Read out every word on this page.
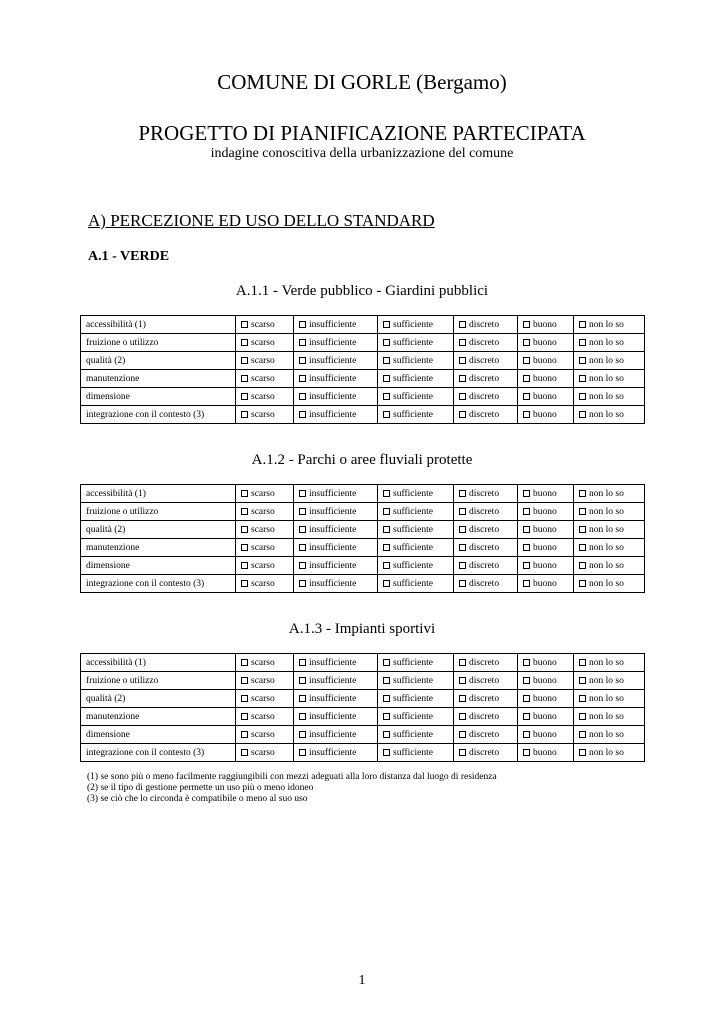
COMUNE DI GORLE (Bergamo)
PROGETTO DI PIANIFICAZIONE PARTECIPATA
indagine conoscitiva della urbanizzazione del comune
A) PERCEZIONE ED USO DELLO STANDARD
A.1 - VERDE
A.1.1 - Verde pubblico - Giardini pubblici
accessibilità (1)	scarso	insufficiente	sufficiente	discreto	buono	non lo so
fruizione o utilizzo	scarso	insufficiente	sufficiente	discreto	buono	non lo so
qualità (2)	scarso	insufficiente	sufficiente	discreto	buono	non lo so
manutenzione	scarso	insufficiente	sufficiente	discreto	buono	non lo so
dimensione	scarso	insufficiente	sufficiente	discreto	buono	non lo so
integrazione con il contesto (3)	scarso	insufficiente	sufficiente	discreto	buono	non lo so
A.1.2 - Parchi o aree fluviali protette
accessibilità (1)	scarso	insufficiente	sufficiente	discreto	buono	non lo so
fruizione o utilizzo	scarso	insufficiente	sufficiente	discreto	buono	non lo so
qualità (2)	scarso	insufficiente	sufficiente	discreto	buono	non lo so
manutenzione	scarso	insufficiente	sufficiente	discreto	buono	non lo so
dimensione	scarso	insufficiente	sufficiente	discreto	buono	non lo so
integrazione con il contesto (3)	scarso	insufficiente	sufficiente	discreto	buono	non lo so
A.1.3 - Impianti sportivi
accessibilità (1)	scarso	insufficiente	sufficiente	discreto	buono	non lo so
fruizione o utilizzo	scarso	insufficiente	sufficiente	discreto	buono	non lo so
qualità (2)	scarso	insufficiente	sufficiente	discreto	buono	non lo so
manutenzione	scarso	insufficiente	sufficiente	discreto	buono	non lo so
dimensione	scarso	insufficiente	sufficiente	discreto	buono	non lo so
integrazione con il contesto (3)	scarso	insufficiente	sufficiente	discreto	buono	non lo so
(1) se sono più o meno facilmente raggiungibili con mezzi adeguati alla loro distanza dal luogo di residenza
(2) se il tipo di gestione permette un uso più o meno idoneo
(3) se ciò che lo circonda è compatibile o meno al suo uso
1
